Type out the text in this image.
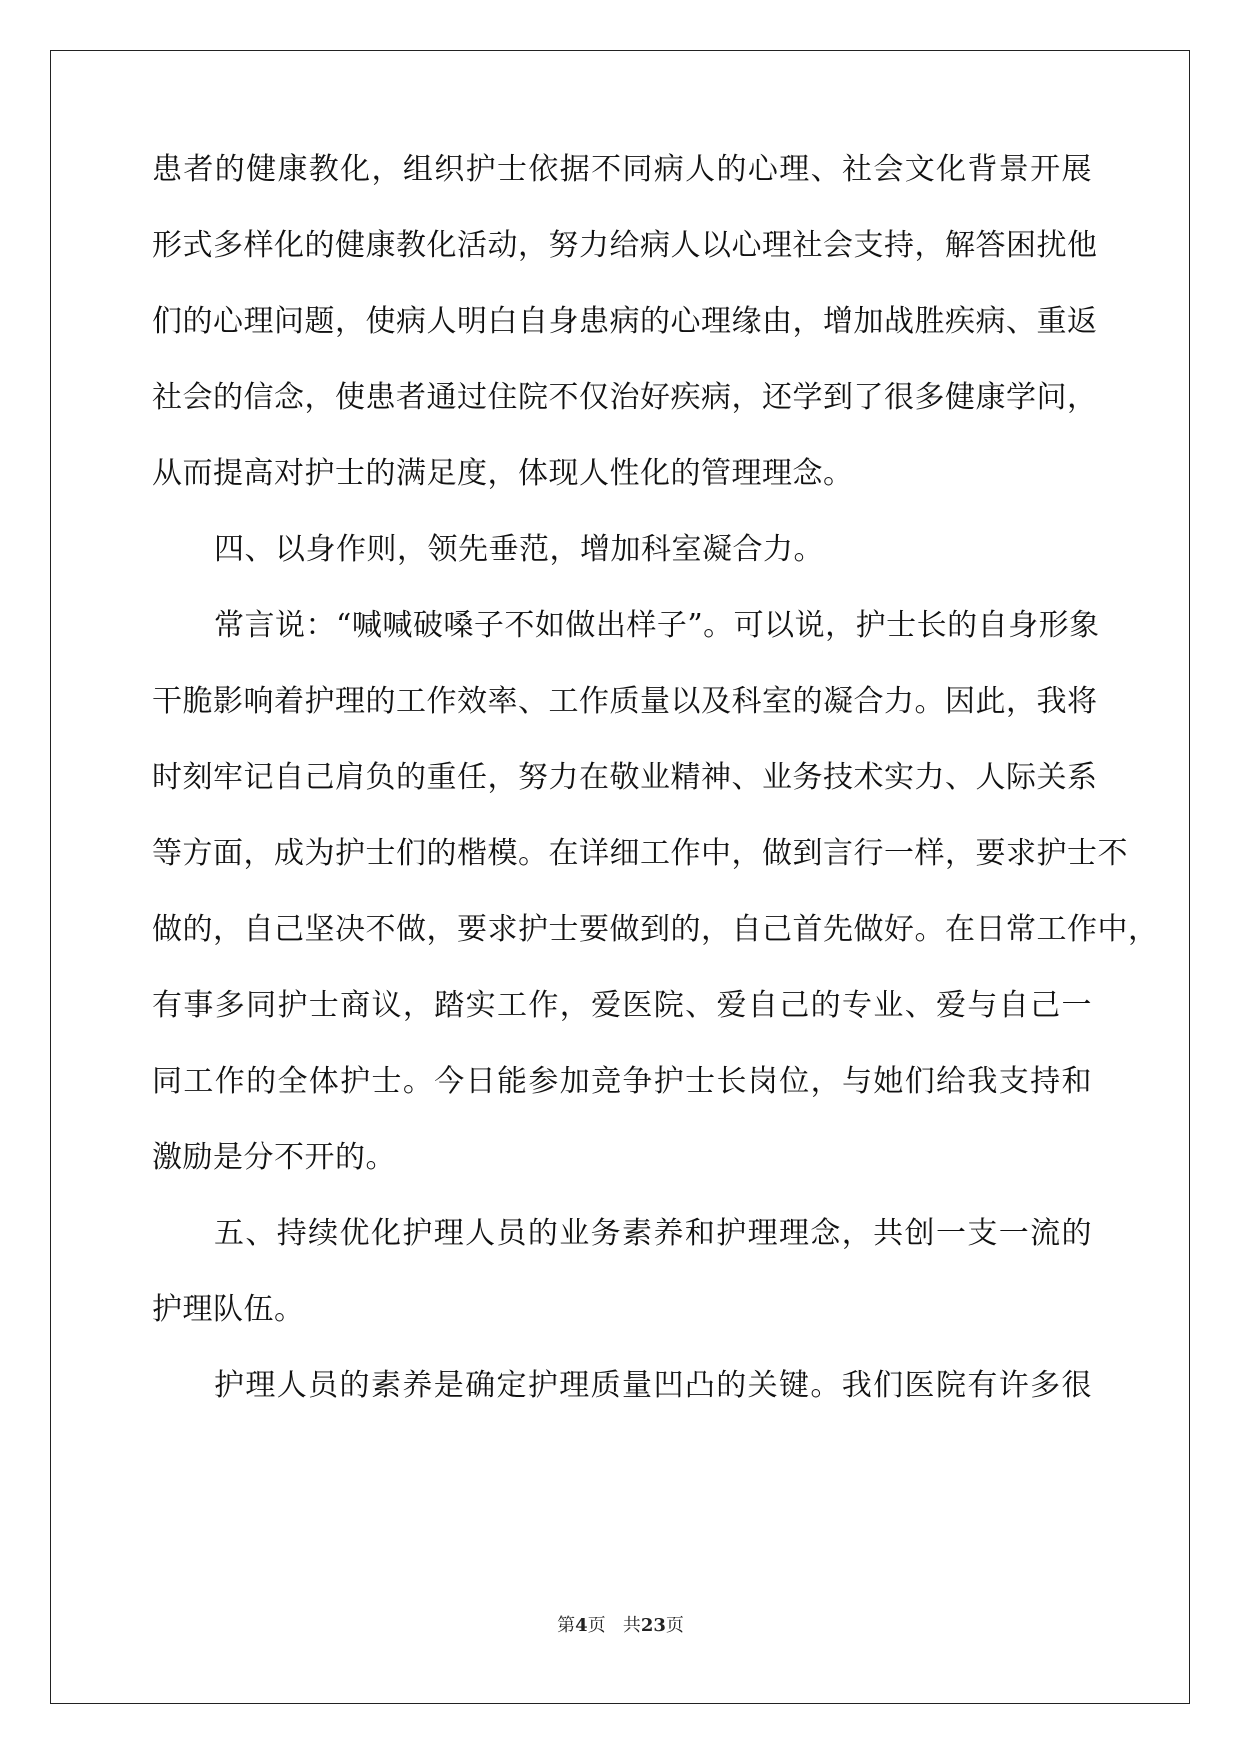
患者的健康教化，组织护士依据不同病人的心理、社会文化背景开展
形式多样化的健康教化活动，努力给病人以心理社会支持，解答困扰他
们的心理问题，使病人明白自身患病的心理缘由，增加战胜疾病、重返
社会的信念，使患者通过住院不仅治好疾病，还学到了很多健康学问，
从而提高对护士的满足度，体现人性化的管理理念。
四、以身作则，领先垂范，增加科室凝合力。
常言说：“喊喊破嗓子不如做出样子”。可以说，护士长的自身形象
干脆影响着护理的工作效率、工作质量以及科室的凝合力。因此，我将
时刻牢记自己肩负的重任，努力在敬业精神、业务技术实力、人际关系
等方面，成为护士们的楷模。在详细工作中，做到言行一样，要求护士不
做的，自己坚决不做，要求护士要做到的，自己首先做好。在日常工作中，
有事多同护士商议，踏实工作，爱医院、爱自己的专业、爱与自己一
同工作的全体护士。今日能参加竞争护士长岗位，与她们给我支持和
激励是分不开的。
五、持续优化护理人员的业务素养和护理理念，共创一支一流的
护理队伍。
护理人员的素养是确定护理质量凹凸的关键。我们医院有许多很
第4页 共23页
